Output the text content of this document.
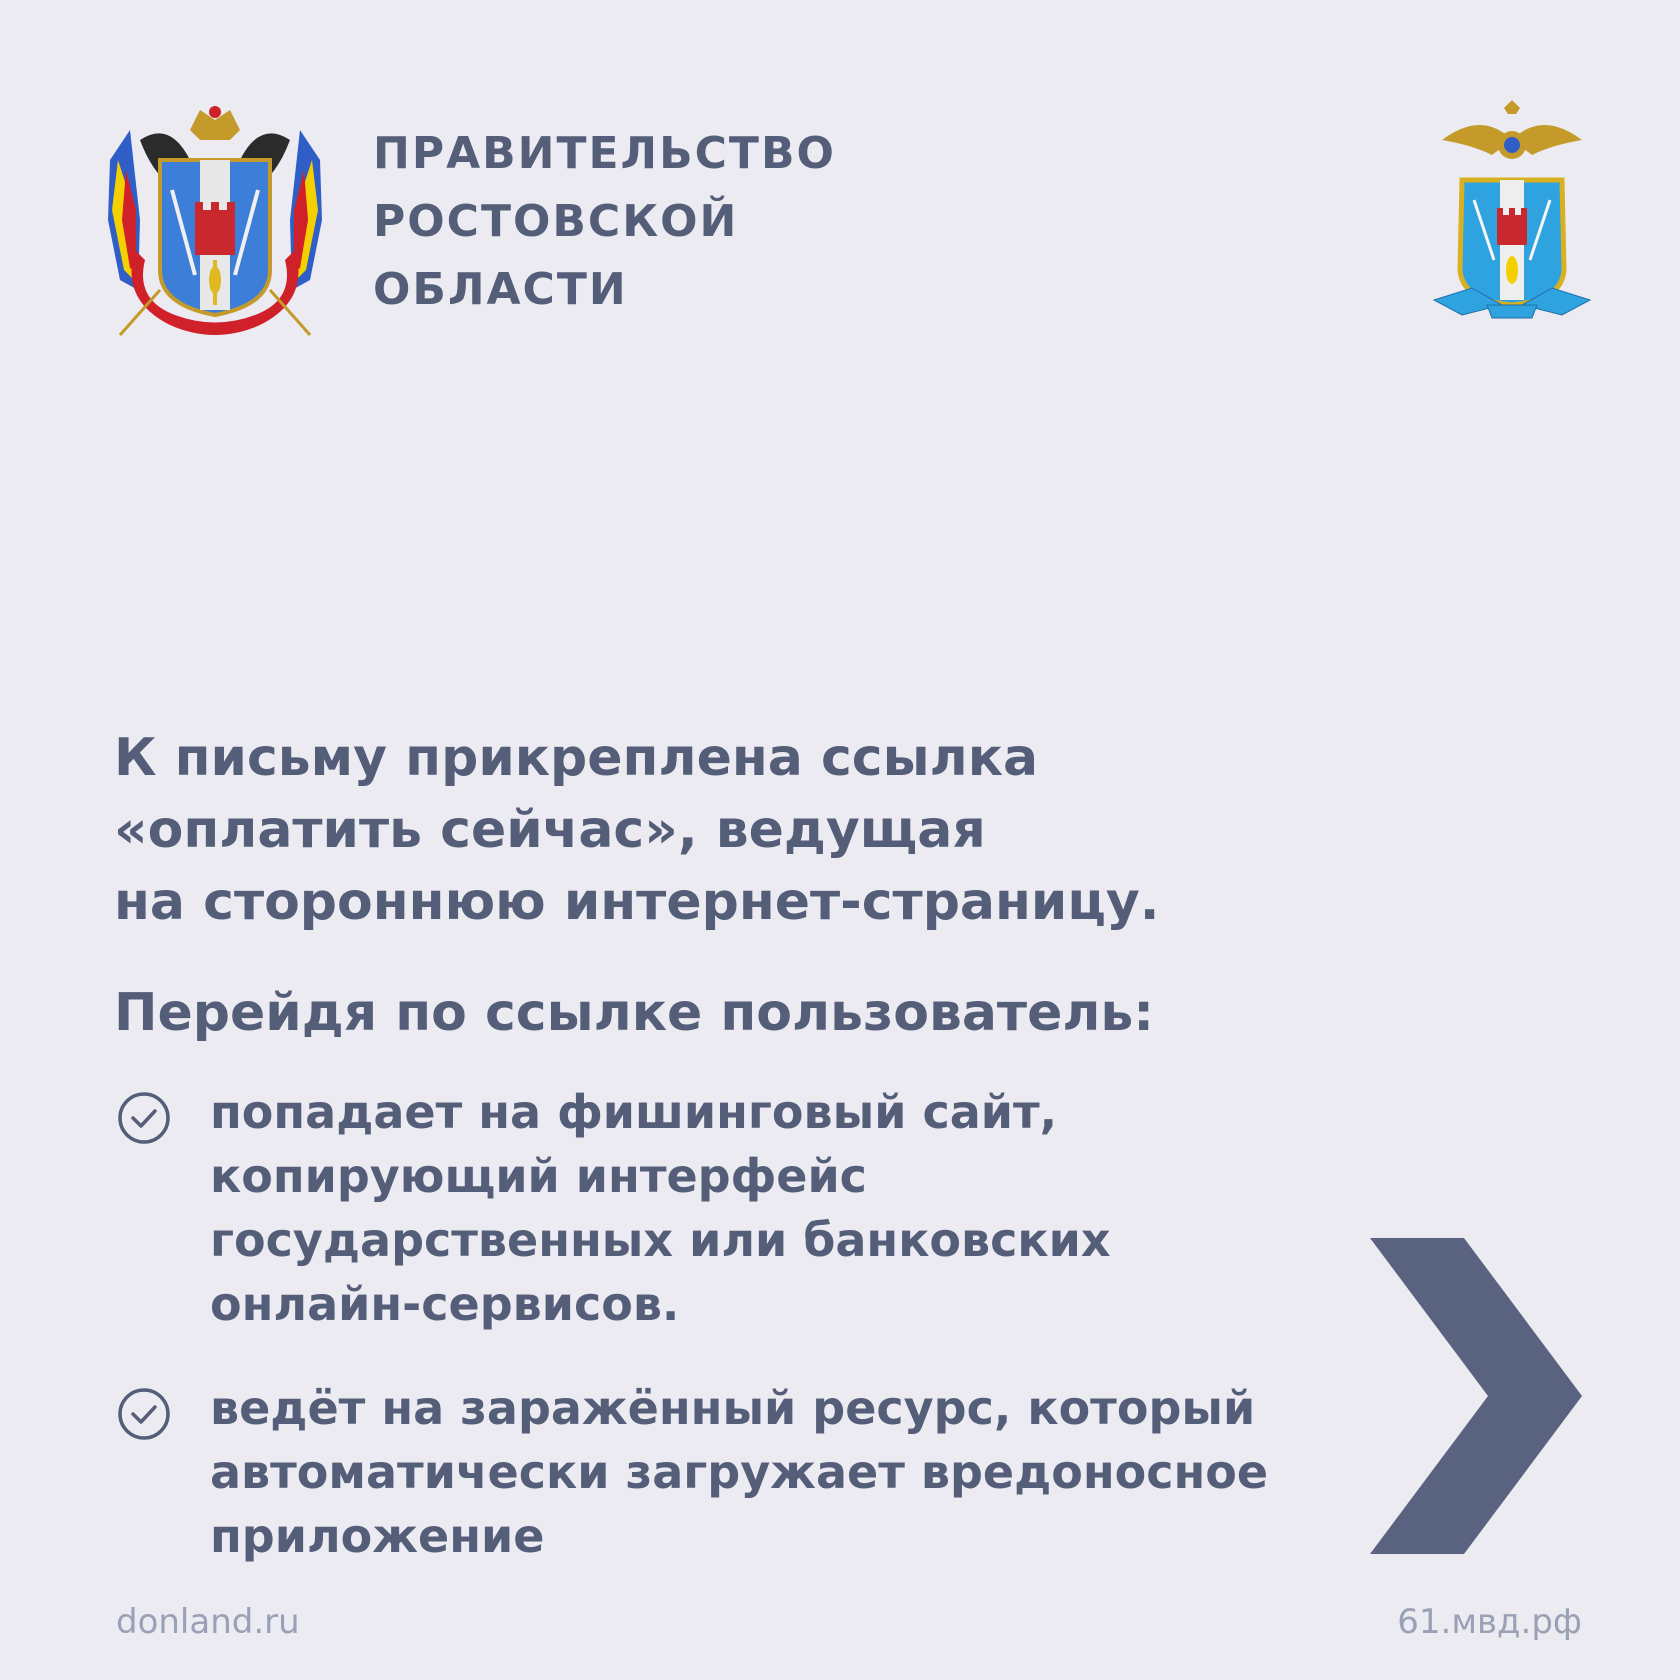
ПРАВИТЕЛЬСТВО
РОСТОВСКОЙ
ОБЛАСТИ
К письму прикреплена ссылка
«оплатить сейчас», ведущая
на стороннюю интернет-страницу.
Перейдя по ссылке пользователь:
попадает на фишинговый сайт,
копирующий интерфейс
государственных или банковских
онлайн-сервисов.
ведёт на заражённый ресурс, который
автоматически загружает вредоносное
приложение
donland.ru	61.мвд.рф
